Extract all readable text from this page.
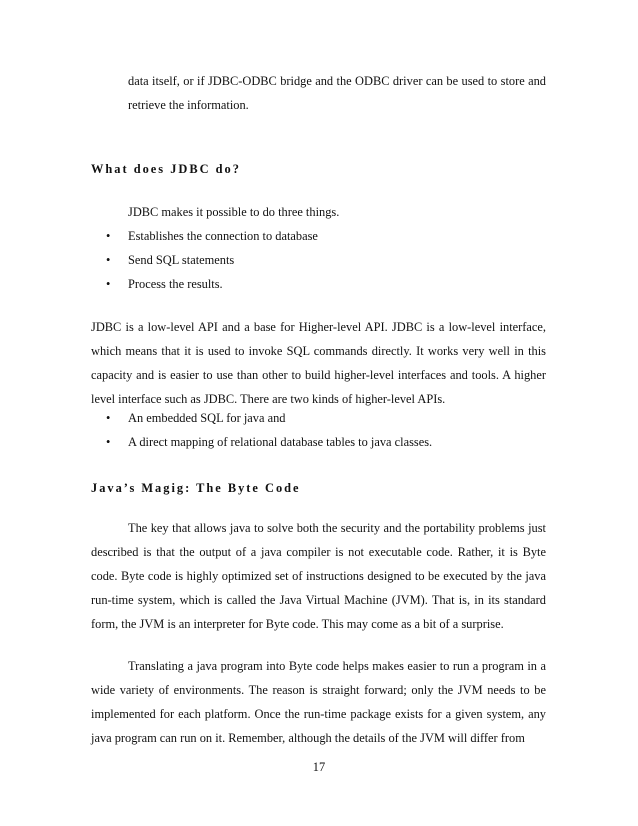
data itself, or if JDBC-ODBC bridge and the ODBC driver can be used to store and retrieve the information.

What does JDBC do?

JDBC makes it possible to do three things.

•	Establishes the connection to database
•	Send SQL statements
•	Process the results.

JDBC is a low-level API and a base for Higher-level API. JDBC is a low-level interface, which means that it is used to invoke SQL commands directly. It works very well in this capacity and is easier to use than other to build higher-level interfaces and tools. A higher level interface such as JDBC. There are two kinds of higher-level APIs.

•	An embedded SQL for java and
•	A direct mapping of relational database tables to java classes.
Java’s Magig: The Byte Code

The key that allows java to solve both the security and the portability problems just described is that the output of a java compiler is not executable code. Rather, it is Byte code. Byte code is highly optimized set of instructions designed to be executed by the java run-time system, which is called the Java Virtual Machine (JVM). That is, in its standard form, the JVM is an interpreter for Byte code. This may come as a bit of a surprise.

Translating a java program into Byte code helps makes easier to run a program in a wide variety of environments. The reason is straight forward; only the JVM needs to be implemented for each platform. Once the run-time package exists for a given system, any java program can run on it. Remember, although the details of the JVM will differ from

17
